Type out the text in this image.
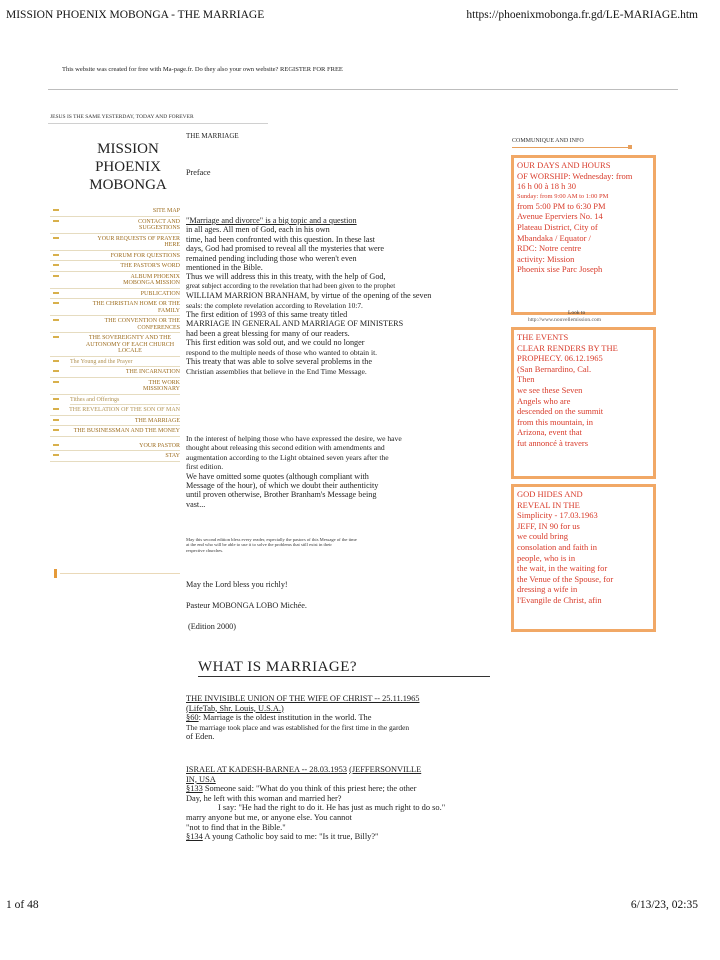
MISSION PHOENIX MOBONGA - THE MARRIAGE	https://phoenixmobonga.fr.gd/LE-MARIAGE.htm
This website was created for free with Ma-page.fr. Do they also your own website? REGISTER FOR FREE
JESUS IS THE SAME YESTERDAY, TODAY AND FOREVER
MISSION
PHOENIX
MOBONGA
SITE MAP
CONTACT AND SUGGESTIONS
YOUR REQUESTS OF PRAYER HERE
FORUM FOR QUESTIONS
THE PASTOR'S WORD
ALBUM PHOENIX MOBONGA MISSION
PUBLICATION
THE CHRISTIAN HOME OR THE FAMILY
THE CONVENTION OR THE CONFERENCES
THE SOVEREIGNTY AND THE AUTONOMY OF EACH CHURCH LOCALE
The Young and the Prayer
THE INCARNATION
THE WORK MISSIONARY
Tithes and Offerings
THE REVELATION OF THE SON OF MAN
THE MARRIAGE
THE BUSINESSMAN AND THE MONEY
YOUR PASTOR
STAY
THE MARRIAGE
Preface

"Marriage and divorce" is a big topic and a question

in all ages. All men of God, each in his own

time, had been confronted with this question. In these last

days, God had promised to reveal all the mysteries that were

remained pending including those who weren't even

mentioned in the Bible.

Thus we will address this in this treaty, with the help of God,

great subject according to the revelation that had been given to the prophet

WILLIAM MARRION BRANHAM, by virtue of the opening of the seven

seals: the complete revelation according to Revelation 10:7.

The first edition of 1993 of this same treaty titled

MARRIAGE IN GENERAL AND MARRIAGE OF MINISTERS

had been a great blessing for many of our readers.

This first edition was sold out, and we could no longer

respond to the multiple needs of those who wanted to obtain it.

This treaty that was able to solve several problems in the

Christian assemblies that believe in the End Time Message.

In the interest of helping those who have expressed the desire, we have

thought about releasing this second edition with amendments and

augmentation according to the Light obtained seven years after the

first edition.

We have omitted some quotes (although compliant with

Message of the hour), of which we doubt their authenticity

until proven otherwise, Brother Branham's Message being

vast...

May this second edition bless every reader, especially the pastors of this Message of the time
at the end who will be able to use it to solve the problems that still exist in their
respective churches.
May the Lord bless you richly!
Pasteur MOBONGA LOBO Michée.
(Edition 2000)
WHAT IS MARRIAGE?
THE INVISIBLE UNION OF THE WIFE OF CHRIST -- 25.11.1965
(LifeTab, Shr. Louis, U.S.A.)
§60: Marriage is the oldest institution in the world. The
The marriage took place and was established for the first time in the garden
of Eden.
ISRAEL AT KADESH-BARNEA -- 28.03.1953 (JEFFERSONVILLE
IN, USA
§133 Someone said: "What do you think of this priest here; the other
Day, he left with this woman and married her?
I say: "He had the right to do it. He has just as much right to do so."
marry anyone but me, or anyone else. You cannot
"not to find that in the Bible."
§134 A young Catholic boy said to me: "Is it true, Billy?"
COMMUNIQUE AND INFO
OUR DAYS AND HOURS
OF WORSHIP: Wednesday: from
16 h 00 à 18 h 30
Sunday: from 9:00 AM to 1:00 PM
from 5:00 PM to 6:30 PM
Avenue Eperviers No. 14
Plateau District, City of
Mbandaka / Equator /
RDC: Notre centre
activity: Mission
Phoenix sise Parc Joseph
Look to
http://www.nouvellemission.com
THE EVENTS
CLEAR RENDERS BY THE
PROPHECY. 06.12.1965
(San Bernardino, Cal.
Then
we see these Seven
Angels who are
descended on the summit
from this mountain, in
Arizona, event that
fut annoncé à travers
GOD HIDES AND
REVEAL IN THE
Simplicity - 17.03.1963
JEFF, IN 90 for us
we could bring
consolation and faith in
people, who is in
the wait, in the waiting for
the Venue of the Spouse, for
dressing a wife in
l'Evangile de Christ, afin
1 of 48	6/13/23, 02:35
